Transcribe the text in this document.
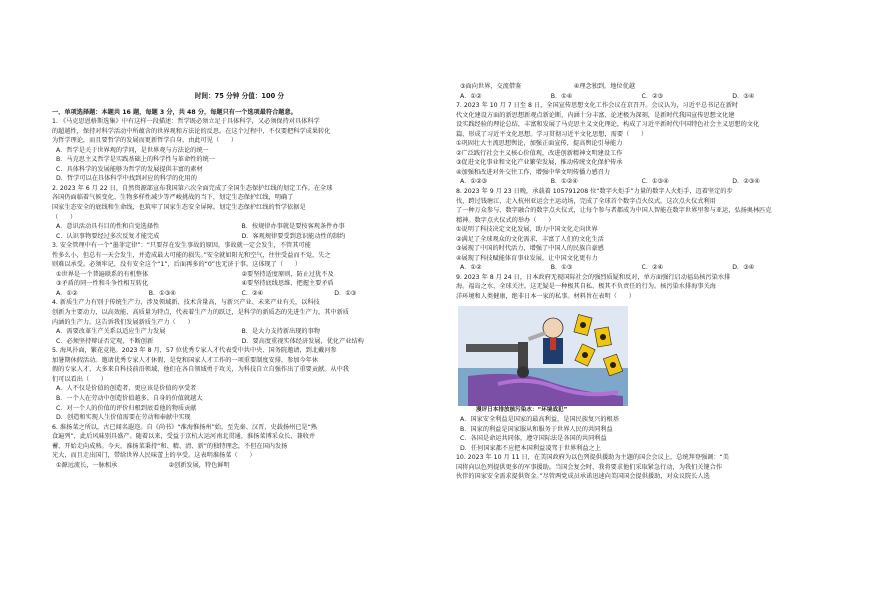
时间：75 分钟 分值：100 分

一、单项选择题：本题共 16 题，每题 3 分，共 48 分，每题只有一个选项最符合题意。

1. 《马克思恩格斯选集》中有这样一段描述：哲学既必须立足于具体科学，又必须保持对具体科学

的超越性，保持对科学活动中所蕴含的世界观和方法论的反思。在这个过程中，不仅要把科学成果转化

为哲学理论，而且要哲学的发展而更新哲学自身。由此可见（      ）

A．哲学是关于世界观的学问，是世界观与方法论的统一

B．马克思主义哲学是实践基础上的科学性与革命性的统一

C．具体科学的发展能够为哲学的发展提供丰富的素材

D．哲学可以在具体科学中找到对应的科学的化用的

2. 2023 年 6 月 22 日，自然资源部宣布我国第六次全面完成了全国生态保护红线的划定工作。在全球

各国仍面临着气候变化、生物多样性减少等严峻挑战的当下，划定生态保护红线，明确了

国家生态安全的底线和生命线，也筑牢了国家生态安全屏障。划定生态保护红线的哲学依据是

（      ）

A．意识活动具有目的性和自觉选择性	B．按规律办事就是要按客观条件办事
C．认识事物要经过多次反复才能完成	D．客观规律要受到意识能动性的制约

3. 安全管理中有一个“墨菲定律”：“只要存在发生事故的原因，事故就一定会发生，不管其可能

性多么小，但总有一天会发生，并造成最大可能的损失。”安全就如阳光和空气，往往受益而不觉，失之

则难以承受。必须牢记，没有安全这个“1”，后面再多的“0”也无济于事。这体现了（      ）

①世界是一个普遍联系的有机整体	②要坚持适度原则，防止过犹不及
③矛盾的同一性和斗争性相互转化	④要坚持底线思维，把握主要矛盾
A．①②	B．①③④	C．②④	D．①③

4. 新质生产力有别于传统生产力，涉及领域新、技术含量高，与新兴产业、未来产业有关，以科技

创新为主要动力，以高效能、高质量为特点，代表着生产力的跃迁，是科学的新质态的先进生产力，其中新质

内涵的生产力。这告诉我们发展新质生产力（      ）

A．需要改革生产关系以适应生产力发展	B．是大力支持新出现的事物
C．必须坚持辩证否定观，不断创新	D．要高度重视实体经济发展，优化产业结构

5. 海风扑面，繁花竞艳。2023 年 8 月，57 位优秀专家人才代表受中共中央、国务院邀请，到北戴河参

加暑期休假活动。邀请优秀专家人才休假，是党和国家人才工作的一项重要制度安排，参加今年休

假的专家人才，大多来自科技前沿领域，他们在各自领域勇于攻关，为科技自立自强作出了重要贡献。从中我

们可以看出（      ）

A．人不仅是价值的创造者，更应该是价值的享受者

B．一个人在劳动中创造价值越多，自身的价值就越大

C．对一个人的价值的评价归根到底看他的物质贡献

D．创造和实现人生价值需要在劳动和奉献中实现

6. 淮扬菜之所以，古已闻名遐迩。自《尚书》“淮海惟扬州”始，至先秦、汉晋，史载扬州已是“熟

食遍列”，此后风味别具盛产。随着以来，受益于京杭大运河南北贯通，淮扬菜博采众长、兼收并

蓄，开始走向成熟。今天，淮扬菜秉持“和、精、清、新”的独特理念，不但在国内发扬

光大，而且走出国门，带给世界人民味蕾上的享受。这表明淮扬菜（      ）

①源远流长，一脉相承	②创新发展，特色鲜明
③面向世界，交流借鉴	④理念独到，地位优越
A．①②	B．①④	C．②③	D．③④

7. 2023 年 10 月 7 日至 8 日，全国宣传思想文化工作会议在京召开。会议认为，习近平总书记在新时

代文化建设方面的新思想新观点新论断，内涵十分丰富、论述极为深刻，是新时代我国宣传思想文化建

设实践经验的理论总结，丰富和发展了马克思主义文化理论，构成了习近平新时代中国特色社会主义思想的文化

篇，形成了习近平文化思想。学习贯彻习近平文化思想，需要（      ）

①巩固壮大主流思想舆论，加强正面宣传，提高舆论引导能力

②广泛践行社会主义核心价值观，改进创新精神文明建设工作

③促进文化事业和文化产业繁荣发展，推动传统文化保护传承

④加强和改进对外交往工作，增强中华文明传播力感召力

A．①②③	B．①②④	C．①③④	D．②③④

8. 2023 年 9 月 23 日晚，承载着 105791208 位“数字火炬手”力量的数字人火炬手，迈着坚定的步

伐，跨过钱塘江，走入杭州亚运会主运动场，完成了全球首个数字点火仪式。这次点火仪式利用

了一种万众参与、数字融合的数字点火仪式，让每个参与者都成为中国人智能在数字世界里参与亚运，弘扬奥林匹克

精神。数字点火仪式的举办（      ）

①说明了科技决定文化发展，助力中国文化走向世界

②满足了全球观众的文化需求，丰富了人们的文化生活

③展现了中国的时代活力，增强了中国人的民族自豪感

④展现了科技赋能体育事业发展，让中国文化更有力

A．①②	B．①③	C．②④	D．③④

9. 2023 年 8 月 24 日，日本政府无视国际社会的强烈质疑和反对，单方面强行启动福岛核污染水排

海。福岛之水，全球关注。这无疑是一种极其自私、极其不负责任的行为。核污染水排海事关海

洋环境和人类健康，绝非日本一家的私事。材料旨在表明（      ）

漫评日本排放核污染水：“环境战犯”

A．国家安全利益是国家的最高利益，是国民族复兴的根基

B．国家的利益是国家服从和服务于世界人民的共同利益

C．各国是命运共同体，遵守国际法是各国的共同利益

D．任何国家都不应把本国利益凌驾于世界利益之上

10. 2023 年 10 月 11 日，在美国政府为以色列提供援助为主题的国会会议上，总统拜登强调：“美

国将向以色列提供更多的军事援助。当国会复会时，我将要求他们采取紧急行动，为我们关键合作

伙伴的国家安全需求提供资金。”尽管两党成员承诺迅速向美国国会提供援助，对众议院长人选
